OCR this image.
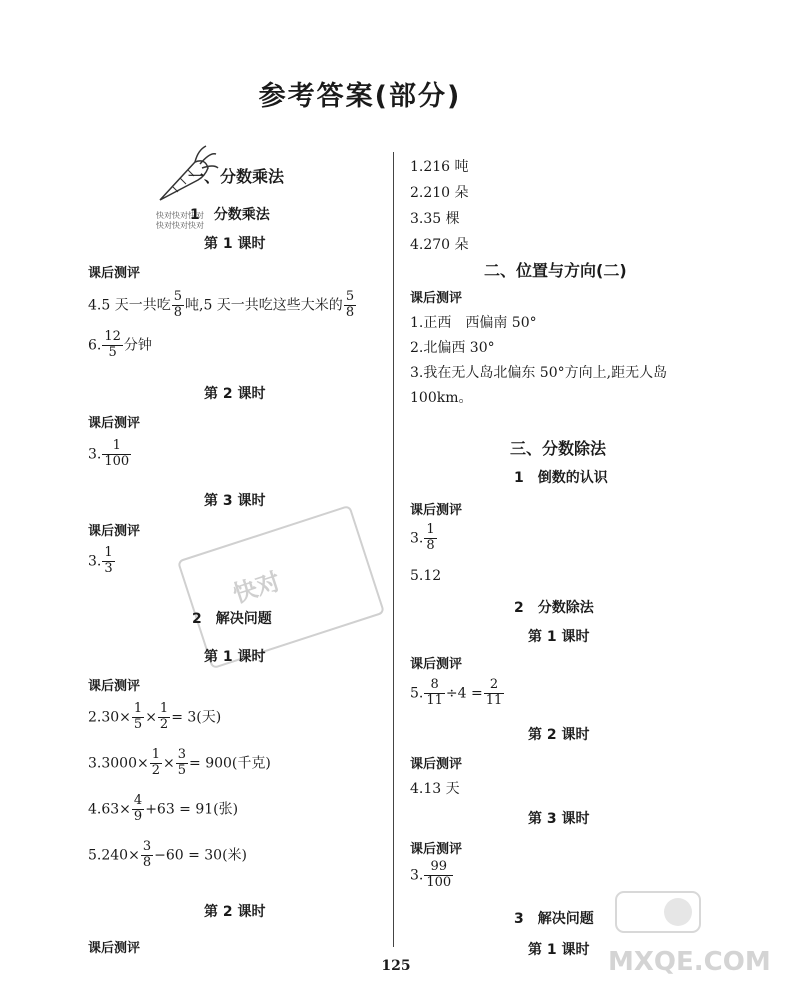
参考答案(部分)
快对快对快对
快对快对快对
快对
一、分数乘法
1　分数乘法
第 1 课时
课后测评
4.5 天一共吃 $\frac{5}{8}$ 吨,5 天一共吃这些大米的 $\frac{5}{8}$
6. $\frac{12}{5}$ 分钟
第 2 课时
课后测评
3. $\frac{1}{100}$
第 3 课时
课后测评
3. $\frac{1}{3}$
2　解决问题
第 1 课时
课后测评
$2.30\times \frac{1}{5} \times \frac{1}{2} = 3$(天)
$3.3000\times \frac{1}{2} \times \frac{3}{5} = 900$(千克)
$4.63\times \frac{4}{9} +63 = 91$(张)
$5.240\times \frac{3}{8} -60 = 30$(米)
第 2 课时
课后测评
1.216 吨
2.210 朵
3.35 棵
4.270 朵
二、位置与方向(二)
课后测评
1.正西　西偏南 50°
2.北偏西 30°
3.我在无人岛北偏东 50°方向上,距无人岛
100km。
三、分数除法
1　倒数的认识
课后测评
3. $\frac{1}{8}$
5.12
2　分数除法
第 1 课时
课后测评
5. $\frac{8}{11} \div 4 = \frac{2}{11}$
第 2 课时
课后测评
4.13 天
第 3 课时
课后测评
3. $\frac{99}{100}$
3　解决问题
第 1 课时
125	MXQE.COM
